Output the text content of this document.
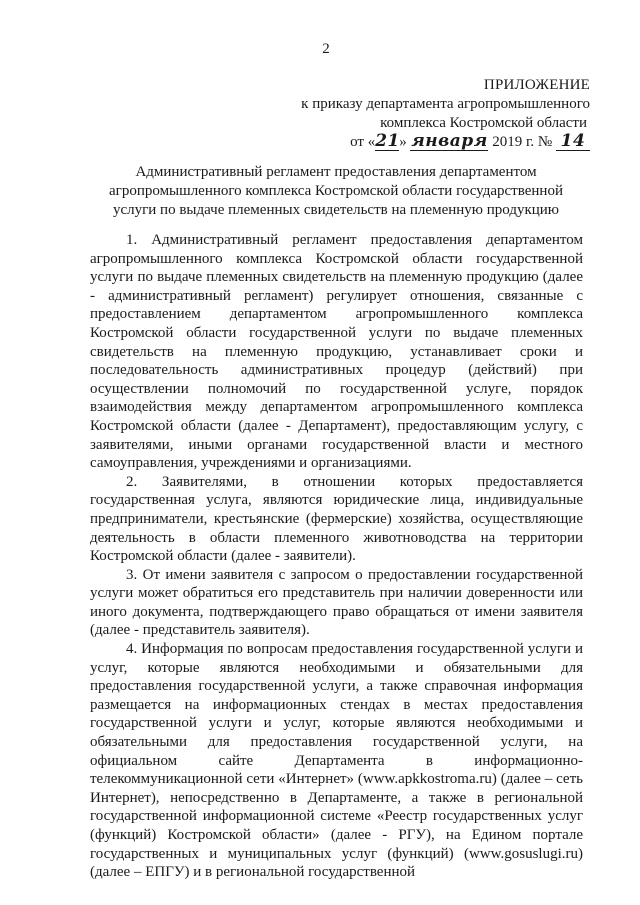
2
ПРИЛОЖЕНИЕ
к приказу департамента агропромышленного
комплекса Костромской области
от «21» января 2019 г. № 14
Административный регламент предоставления департаментом агропромышленного комплекса Костромской области государственной услуги по выдаче племенных свидетельств на племенную продукцию

1. Административный регламент предоставления департаментом агропромышленного комплекса Костромской области государственной услуги по выдаче племенных свидетельств на племенную продукцию (далее - административный регламент) регулирует отношения, связанные с предоставлением департаментом агропромышленного комплекса Костромской области государственной услуги по выдаче племенных свидетельств на племенную продукцию, устанавливает сроки и последовательность административных процедур (действий) при осуществлении полномочий по государственной услуге, порядок взаимодействия между департаментом агропромышленного комплекса Костромской области (далее - Департамент), предоставляющим услугу, с заявителями, иными органами государственной власти и местного самоуправления, учреждениями и организациями.

2. Заявителями, в отношении которых предоставляется государственная услуга, являются юридические лица, индивидуальные предприниматели, крестьянские (фермерские) хозяйства, осуществляющие деятельность в области племенного животноводства на территории Костромской области (далее - заявители).

3. От имени заявителя с запросом о предоставлении государственной услуги может обратиться его представитель при наличии доверенности или иного документа, подтверждающего право обращаться от имени заявителя (далее - представитель заявителя).

4. Информация по вопросам предоставления государственной услуги и услуг, которые являются необходимыми и обязательными для предоставления государственной услуги, а также справочная информация размещается на информационных стендах в местах предоставления государственной услуги и услуг, которые являются необходимыми и обязательными для предоставления государственной услуги, на официальном сайте Департамента в информационно-телекоммуникационной сети «Интернет» (www.apkkostroma.ru) (далее – сеть Интернет), непосредственно в Департаменте, а также в региональной государственной информационной системе «Реестр государственных услуг (функций) Костромской области» (далее - РГУ), на Едином портале государственных и муниципальных услуг (функций) (www.gosuslugi.ru) (далее – ЕПГУ) и в региональной государственной
